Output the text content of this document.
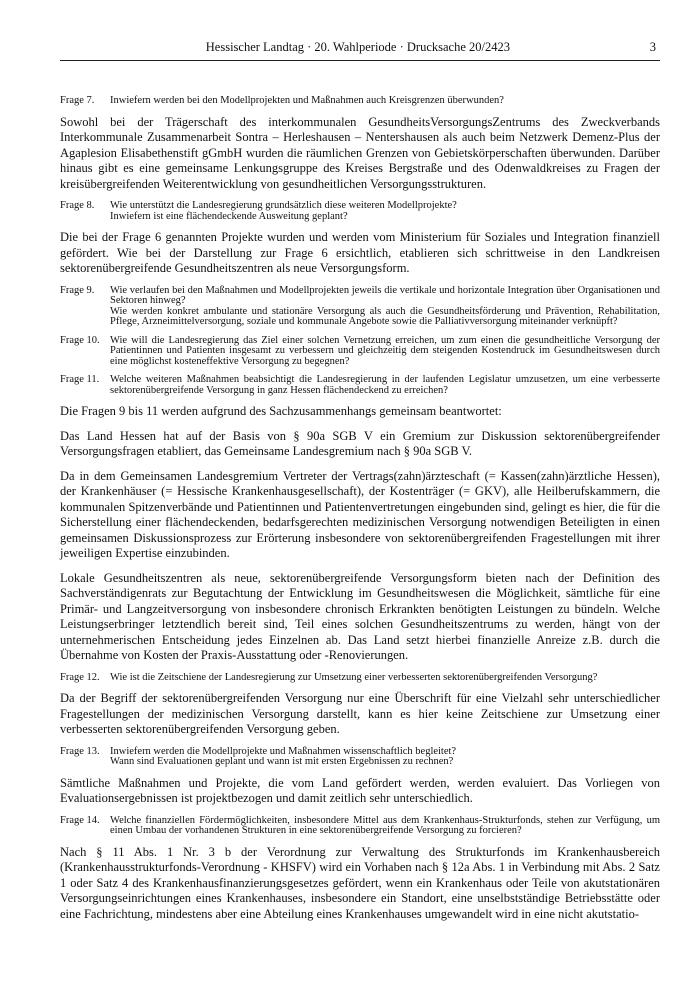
Hessischer Landtag · 20. Wahlperiode · Drucksache 20/2423	3
Frage 7.	Inwiefern werden bei den Modellprojekten und Maßnahmen auch Kreisgrenzen überwunden?

Sowohl bei der Trägerschaft des interkommunalen GesundheitsVersorgungsZentrums des Zweckverbands Interkommunale Zusammenarbeit Sontra – Herleshausen – Nentershausen als auch beim Netzwerk Demenz-Plus der Agaplesion Elisabethenstift gGmbH wurden die räumlichen Grenzen von Gebietskörperschaften überwunden. Darüber hinaus gibt es eine gemeinsame Lenkungsgruppe des Kreises Bergstraße und des Odenwaldkreises zu Fragen der kreisübergreifenden Weiterentwicklung von gesundheitlichen Versorgungsstrukturen.

Frage 8.	Wie unterstützt die Landesregierung grundsätzlich diese weiteren Modellprojekte?
Inwiefern ist eine flächendeckende Ausweitung geplant?

Die bei der Frage 6 genannten Projekte wurden und werden vom Ministerium für Soziales und Integration finanziell gefördert. Wie bei der Darstellung zur Frage 6 ersichtlich, etablieren sich schrittweise in den Landkreisen sektorenübergreifende Gesundheitszentren als neue Versorgungsform.

Frage 9.	Wie verlaufen bei den Maßnahmen und Modellprojekten jeweils die vertikale und horizontale Integration über Organisationen und Sektoren hinweg?
Wie werden konkret ambulante und stationäre Versorgung als auch die Gesundheitsförderung und Prävention, Rehabilitation, Pflege, Arzneimittelversorgung, soziale und kommunale Angebote sowie die Palliativversorgung miteinander verknüpft?
Frage 10. Wie will die Landesregierung das Ziel einer solchen Vernetzung erreichen, um zum einen die gesundheitliche Versorgung der Patientinnen und Patienten insgesamt zu verbessern und gleichzeitig dem steigenden Kostendruck im Gesundheitswesen durch eine möglichst kosteneffektive Versorgung zu begegnen?
Frage 11.	Welche weiteren Maßnahmen beabsichtigt die Landesregierung in der laufenden Legislatur umzusetzen, um eine verbesserte sektorenübergreifende Versorgung in ganz Hessen flächendeckend zu erreichen?

Die Fragen 9 bis 11 werden aufgrund des Sachzusammenhangs gemeinsam beantwortet:

Das Land Hessen hat auf der Basis von § 90a SGB V ein Gremium zur Diskussion sektorenübergreifender Versorgungsfragen etabliert, das Gemeinsame Landesgremium nach § 90a SGB V.

Da in dem Gemeinsamen Landesgremium Vertreter der Vertrags(zahn)ärzteschaft (= Kassen(zahn)ärztliche Hessen), der Krankenhäuser (= Hessische Krankenhausgesellschaft), der Kostenträger (= GKV), alle Heilberufskammern, die kommunalen Spitzenverbände und Patientinnen und Patientenvertretungen eingebunden sind, gelingt es hier, die für die Sicherstellung einer flächendeckenden, bedarfsgerechten medizinischen Versorgung notwendigen Beteiligten in einen gemeinsamen Diskussionsprozess zur Erörterung insbesondere von sektorenübergreifenden Fragestellungen mit ihrer jeweiligen Expertise einzubinden.

Lokale Gesundheitszentren als neue, sektorenübergreifende Versorgungsform bieten nach der Definition des Sachverständigenrats zur Begutachtung der Entwicklung im Gesundheitswesen die Möglichkeit, sämtliche für eine Primär- und Langzeitversorgung von insbesondere chronisch Erkrankten benötigten Leistungen zu bündeln. Welche Leistungserbringer letztendlich bereit sind, Teil eines solchen Gesundheitszentrums zu werden, hängt von der unternehmerischen Entscheidung jedes Einzelnen ab. Das Land setzt hierbei finanzielle Anreize z.B. durch die Übernahme von Kosten der Praxis-Ausstattung oder -Renovierungen.

Frage 12. Wie ist die Zeitschiene der Landesregierung zur Umsetzung einer verbesserten sektorenübergreifenden Versorgung?

Da der Begriff der sektorenübergreifenden Versorgung nur eine Überschrift für eine Vielzahl sehr unterschiedlicher Fragestellungen der medizinischen Versorgung darstellt, kann es hier keine Zeitschiene zur Umsetzung einer verbesserten sektorenübergreifenden Versorgung geben.

Frage 13. Inwiefern werden die Modellprojekte und Maßnahmen wissenschaftlich begleitet?
Wann sind Evaluationen geplant und wann ist mit ersten Ergebnissen zu rechnen?

Sämtliche Maßnahmen und Projekte, die vom Land gefördert werden, werden evaluiert. Das Vorliegen von Evaluationsergebnissen ist projektbezogen und damit zeitlich sehr unterschiedlich.

Frage 14. Welche finanziellen Fördermöglichkeiten, insbesondere Mittel aus dem Krankenhaus-Strukturfonds, stehen zur Verfügung, um einen Umbau der vorhandenen Strukturen in eine sektorenübergreifende Versorgung zu forcieren?

Nach § 11 Abs. 1 Nr. 3 b der Verordnung zur Verwaltung des Strukturfonds im Krankenhausbereich (Krankenhausstrukturfonds-Verordnung - KHSFV) wird ein Vorhaben nach § 12a Abs. 1 in Verbindung mit Abs. 2 Satz 1 oder Satz 4 des Krankenhausfinanzierungsgesetzes gefördert, wenn ein Krankenhaus oder Teile von akutstationären Versorgungseinrichtungen eines Krankenhauses, insbesondere ein Standort, eine unselbstständige Betriebsstätte oder eine Fachrichtung, mindestens aber eine Abteilung eines Krankenhauses umgewandelt wird in eine nicht akutstatio-
